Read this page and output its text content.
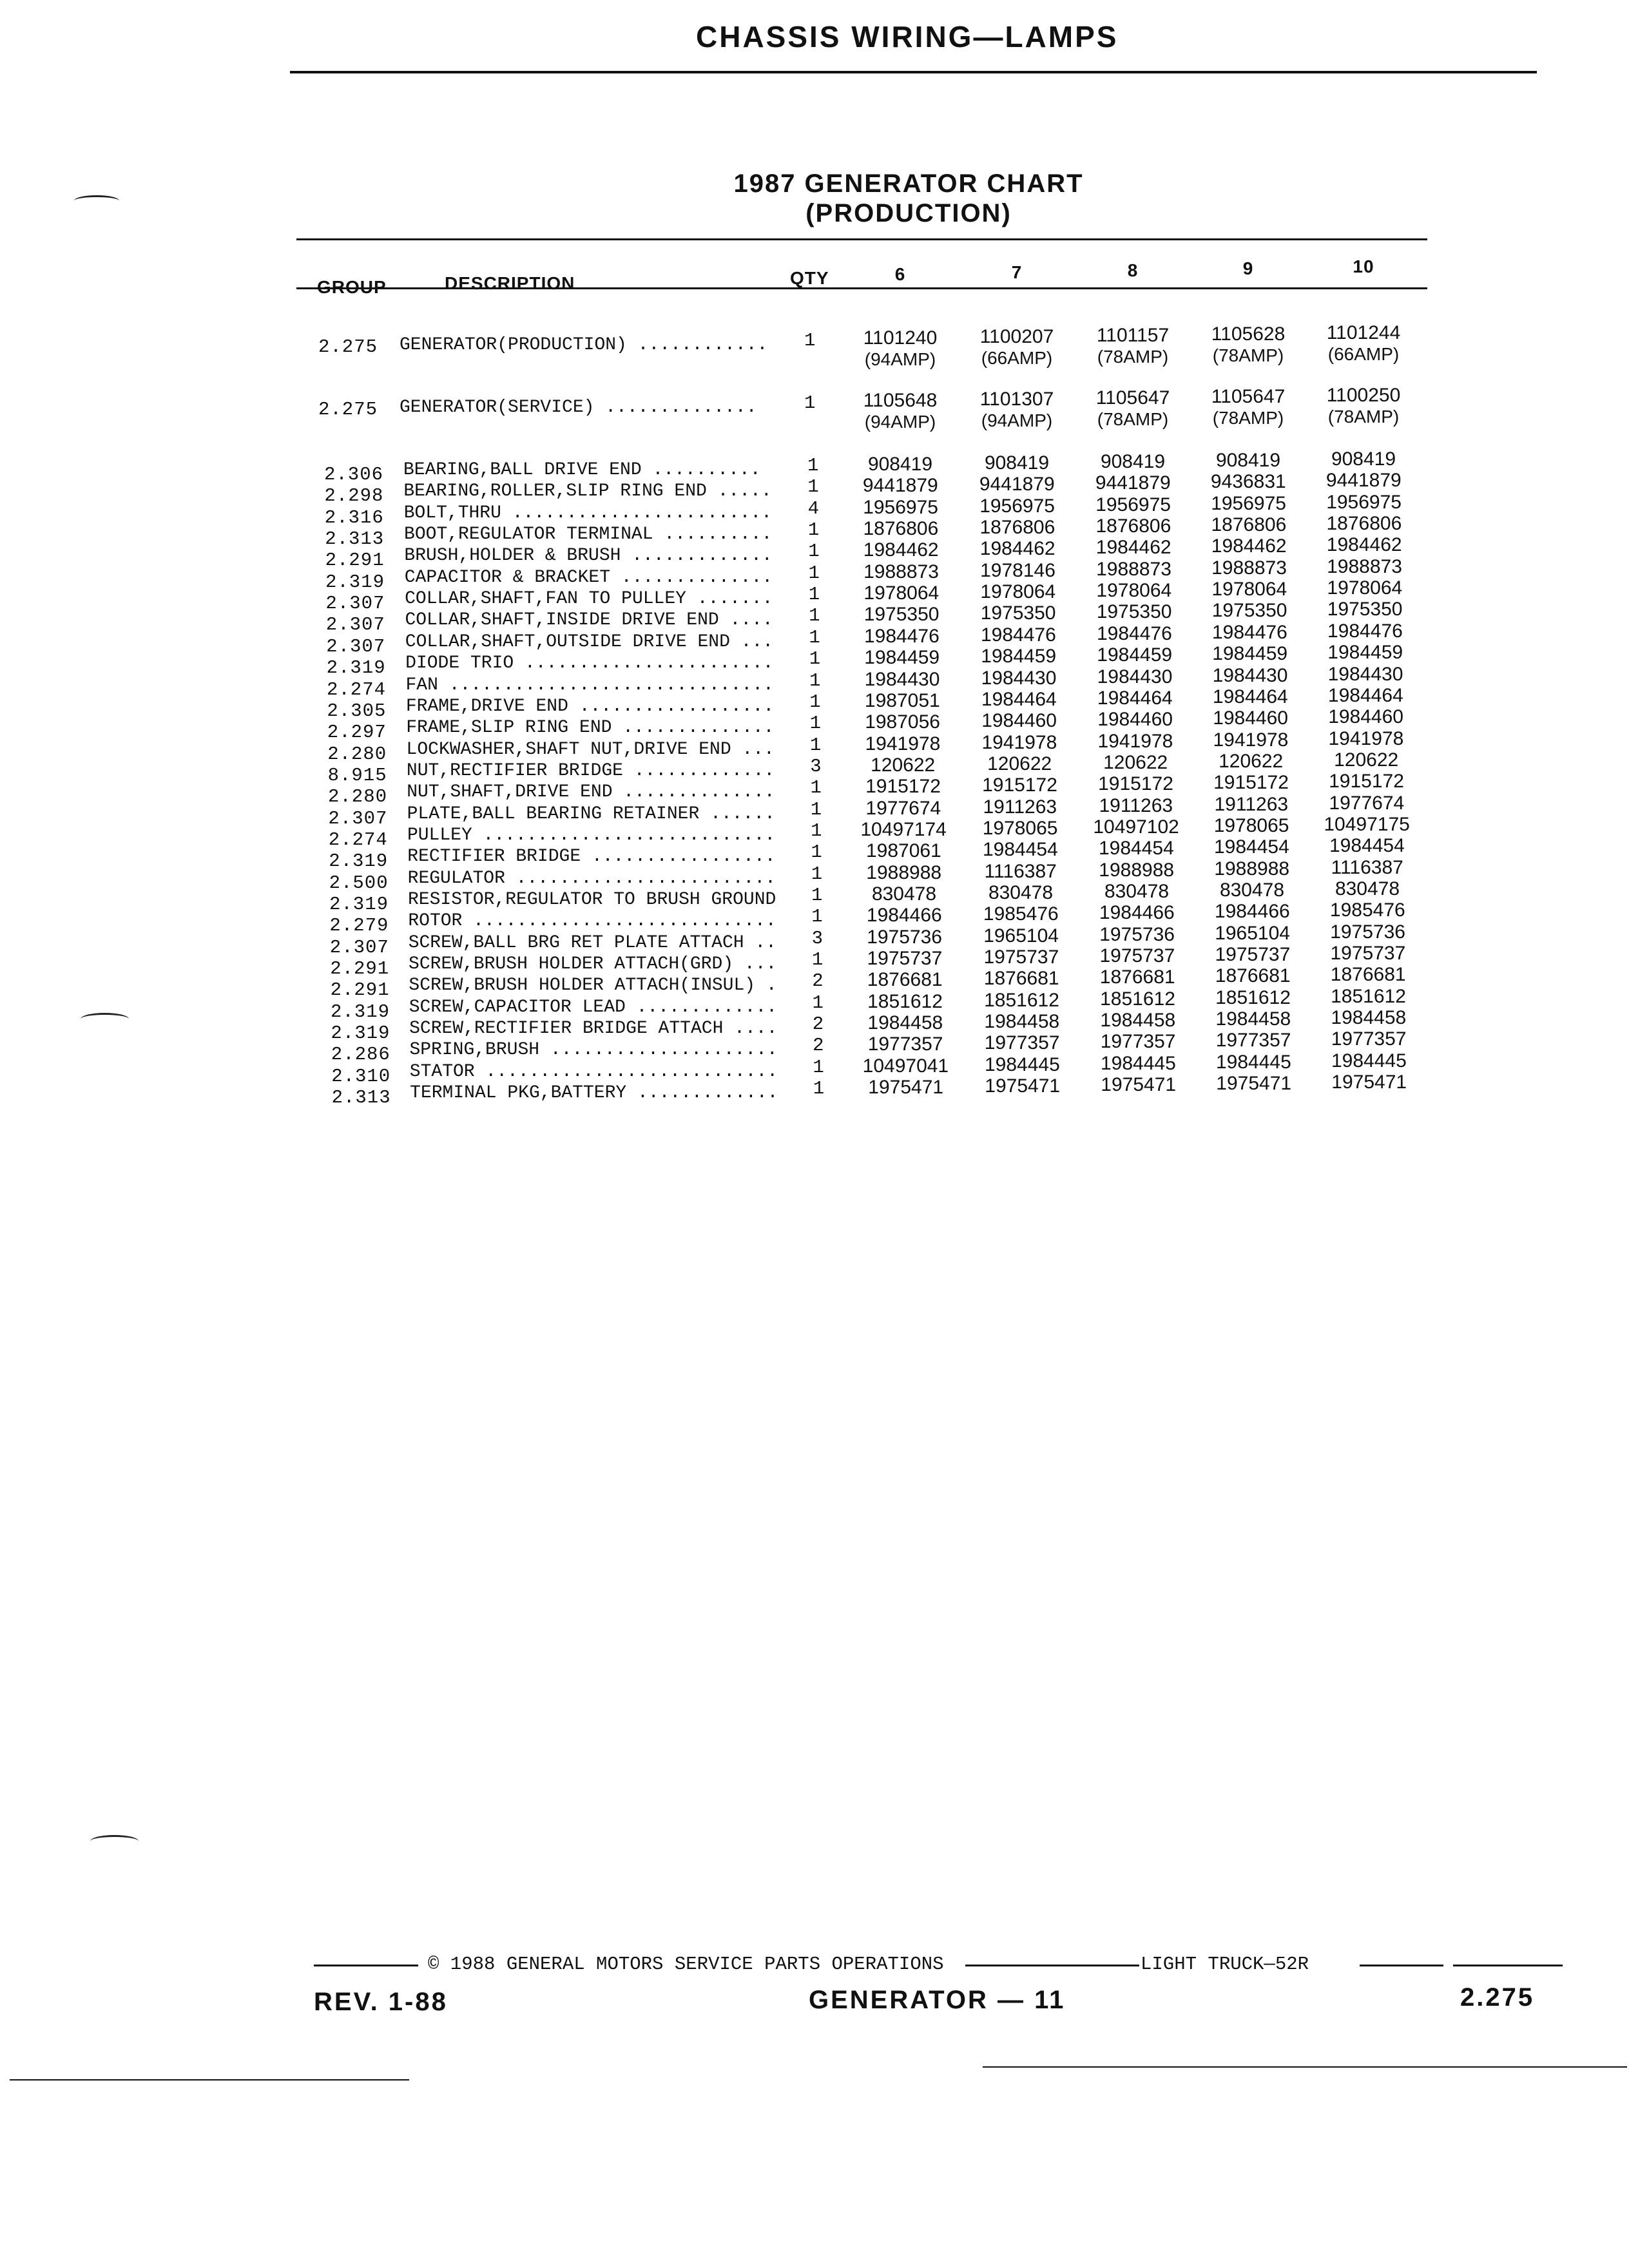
CHASSIS WIRING—LAMPS
1987 GENERATOR CHART
(PRODUCTION)
GROUP	DESCRIPTION	QTY	6	7	8	9	10
2.275 GENERATOR(PRODUCTION) ............ 1	1101240	1100207	1101157	1105628	1101244
(94AMP)	(66AMP)	(78AMP)	(78AMP)	(66AMP)
2.275 GENERATOR(SERVICE) ..............	1	1105648	1101307	1105647	1105647	1100250
(94AMP)	(94AMP)	(78AMP)	(78AMP)	(78AMP)
2.306 BEARING,BALL DRIVE END ..........	1	908419	908419	908419	908419	908419
2.298 BEARING,ROLLER,SLIP RING END ..... 1	9441879	9441879	9441879	9436831	9441879
2.316 BOLT,THRU ........................ 4	1956975	1956975	1956975	1956975	1956975
2.313 BOOT,REGULATOR TERMINAL .......... 1	1876806	1876806	1876806	1876806	1876806
2.291 BRUSH,HOLDER & BRUSH ............. 1	1984462	1984462	1984462	1984462	1984462
2.319 CAPACITOR & BRACKET .............. 1	1988873	1978146	1988873	1988873	1988873
2.307 COLLAR,SHAFT,FAN TO PULLEY ....... 1	1978064	1978064	1978064	1978064	1978064
2.307 COLLAR,SHAFT,INSIDE DRIVE END .... 1	1975350	1975350	1975350	1975350	1975350
2.307 COLLAR,SHAFT,OUTSIDE DRIVE END ... 1	1984476	1984476	1984476	1984476	1984476
2.319 DIODE TRIO ....................... 1	1984459	1984459	1984459	1984459	1984459
2.274 FAN .............................. 1	1984430	1984430	1984430	1984430	1984430
2.305 FRAME,DRIVE END .................. 1	1987051	1984464	1984464	1984464	1984464
2.297 FRAME,SLIP RING END .............. 1	1987056	1984460	1984460	1984460	1984460
2.280 LOCKWASHER,SHAFT NUT,DRIVE END ... 1	1941978	1941978	1941978	1941978	1941978
8.915 NUT,RECTIFIER BRIDGE ............. 3	120622	120622	120622	120622	120622
2.280 NUT,SHAFT,DRIVE END .............. 1	1915172	1915172	1915172	1915172	1915172
2.307 PLATE,BALL BEARING RETAINER ...... 1	1977674	1911263	1911263	1911263	1977674
2.274 PULLEY ........................... 1	10497174	1978065	10497102	1978065	10497175
2.319 RECTIFIER BRIDGE ................. 1	1987061	1984454	1984454	1984454	1984454
2.500 REGULATOR ........................ 1	1988988	1116387	1988988	1988988	1116387
2.319 RESISTOR,REGULATOR TO BRUSH GROUND 1	830478	830478	830478	830478	830478
2.279 ROTOR ............................ 1	1984466	1985476	1984466	1984466	1985476
2.307 SCREW,BALL BRG RET PLATE ATTACH .. 3	1975736	1965104	1975736	1965104	1975736
2.291 SCREW,BRUSH HOLDER ATTACH(GRD) ... 1	1975737	1975737	1975737	1975737	1975737
2.291 SCREW,BRUSH HOLDER ATTACH(INSUL) . 2	1876681	1876681	1876681	1876681	1876681
2.319 SCREW,CAPACITOR LEAD ............. 1	1851612	1851612	1851612	1851612	1851612
2.319 SCREW,RECTIFIER BRIDGE ATTACH .... 2	1984458	1984458	1984458	1984458	1984458
2.286 SPRING,BRUSH ..................... 2	1977357	1977357	1977357	1977357	1977357
2.310 STATOR ........................... 1	10497041	1984445	1984445	1984445	1984445
2.313 TERMINAL PKG,BATTERY ............. 1	1975471	1975471	1975471	1975471	1975471
© 1988 GENERAL MOTORS SERVICE PARTS OPERATIONS	LIGHT TRUCK—52R
REV. 1-88	GENERATOR — 11	2.275
